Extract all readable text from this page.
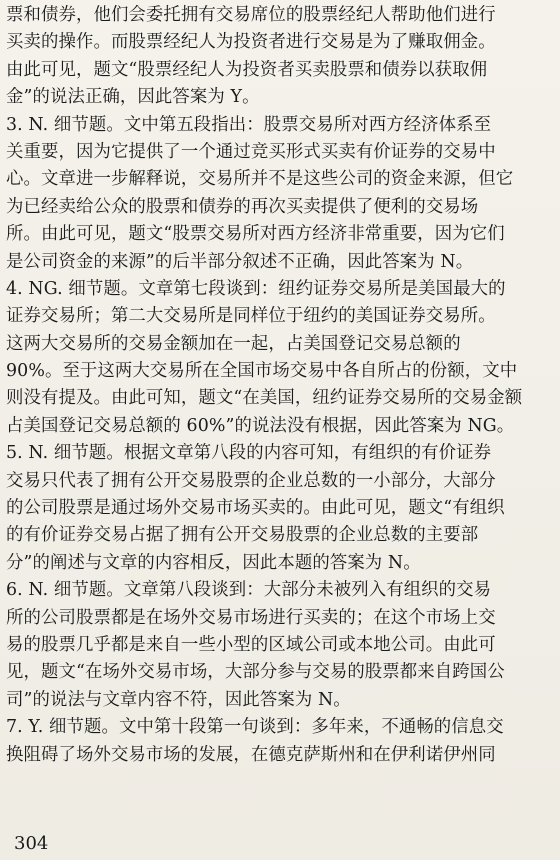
票和债券，他们会委托拥有交易席位的股票经纪人帮助他们进行
买卖的操作。而股票经纪人为投资者进行交易是为了赚取佣金。
由此可见，题文“股票经纪人为投资者买卖股票和债券以获取佣
金”的说法正确，因此答案为 Y。
3. N. 细节题。文中第五段指出：股票交易所对西方经济体系至
关重要，因为它提供了一个通过竞买形式买卖有价证券的交易中
心。文章进一步解释说，交易所并不是这些公司的资金来源，但它
为已经卖给公众的股票和债券的再次买卖提供了便利的交易场
所。由此可见，题文“股票交易所对西方经济非常重要，因为它们
是公司资金的来源”的后半部分叙述不正确，因此答案为 N。
4. NG. 细节题。文章第七段谈到：纽约证券交易所是美国最大的
证券交易所；第二大交易所是同样位于纽约的美国证券交易所。
这两大交易所的交易金额加在一起，占美国登记交易总额的
90%。至于这两大交易所在全国市场交易中各自所占的份额，文中
则没有提及。由此可知，题文“在美国，纽约证券交易所的交易金额
占美国登记交易总额的 60%”的说法没有根据，因此答案为 NG。
5. N. 细节题。根据文章第八段的内容可知，有组织的有价证券
交易只代表了拥有公开交易股票的企业总数的一小部分，大部分
的公司股票是通过场外交易市场买卖的。由此可见，题文“有组织
的有价证券交易占据了拥有公开交易股票的企业总数的主要部
分”的阐述与文章的内容相反，因此本题的答案为 N。
6. N. 细节题。文章第八段谈到：大部分未被列入有组织的交易
所的公司股票都是在场外交易市场进行买卖的；在这个市场上交
易的股票几乎都是来自一些小型的区域公司或本地公司。由此可
见，题文“在场外交易市场，大部分参与交易的股票都来自跨国公
司”的说法与文章内容不符，因此答案为 N。
7. Y. 细节题。文中第十段第一句谈到：多年来，不通畅的信息交
换阻碍了场外交易市场的发展，在德克萨斯州和在伊利诺伊州同
304
